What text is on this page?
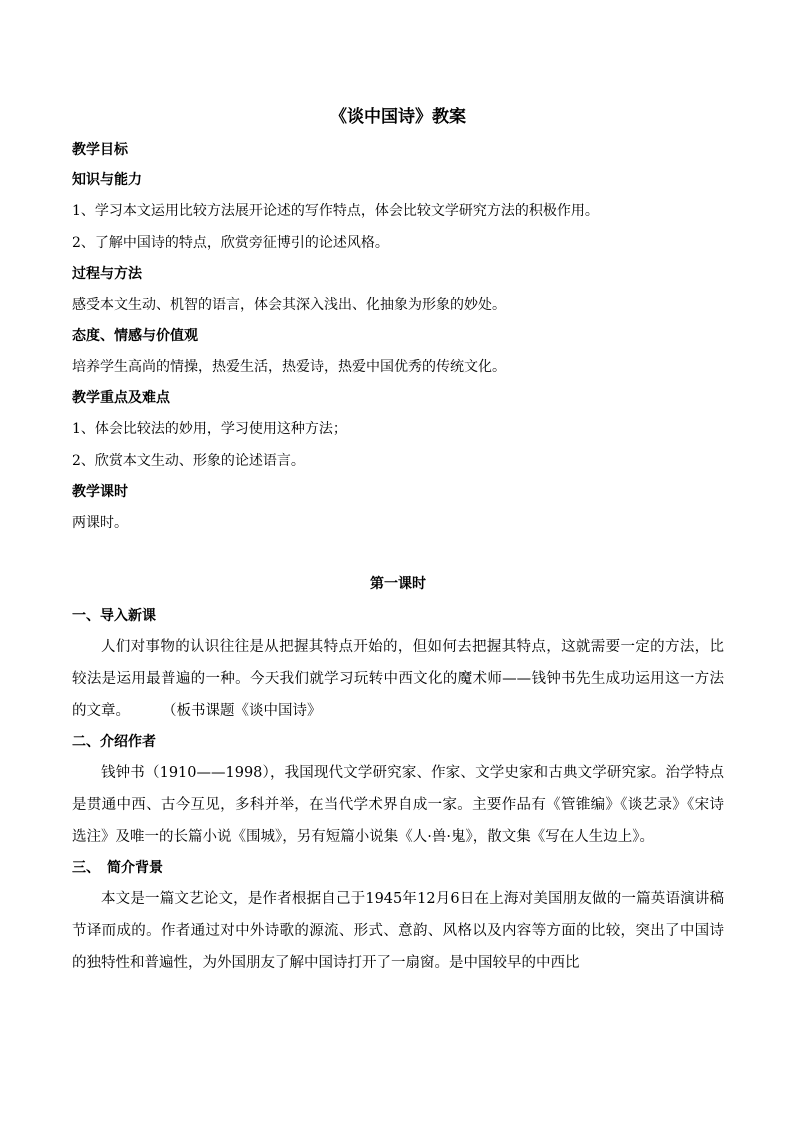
《谈中国诗》教案
教学目标
知识与能力
1、学习本文运用比较方法展开论述的写作特点，体会比较文学研究方法的积极作用。
2、了解中国诗的特点，欣赏旁征博引的论述风格。
过程与方法
感受本文生动、机智的语言，体会其深入浅出、化抽象为形象的妙处。
态度、情感与价值观
培养学生高尚的情操，热爱生活，热爱诗，热爱中国优秀的传统文化。
教学重点及难点
1、体会比较法的妙用，学习使用这种方法；
2、欣赏本文生动、形象的论述语言。
教学课时
两课时。
第一课时
一、导入新课

人们对事物的认识往往是从把握其特点开始的，但如何去把握其特点，这就需要一定的方法，比较法是运用最普遍的一种。今天我们就学习玩转中西文化的魔术师——钱钟书先生成功运用这一方法的文章。 （板书课题《谈中国诗》

二、介绍作者

钱钟书（1910——1998），我国现代文学研究家、作家、文学史家和古典文学研究家。治学特点是贯通中西、古今互见，多科并举，在当代学术界自成一家。主要作品有《管锥编》《谈艺录》《宋诗选注》及唯一的长篇小说《围城》，另有短篇小说集《人·兽·鬼》，散文集《写在人生边上》。

三、　简介背景

本文是一篇文艺论文，是作者根据自己于1945年12月6日在上海对美国朋友做的一篇英语演讲稿节译而成的。作者通过对中外诗歌的源流、形式、意韵、风格以及内容等方面的比较，突出了中国诗的独特性和普遍性，为外国朋友了解中国诗打开了一扇窗。是中国较早的中西比
